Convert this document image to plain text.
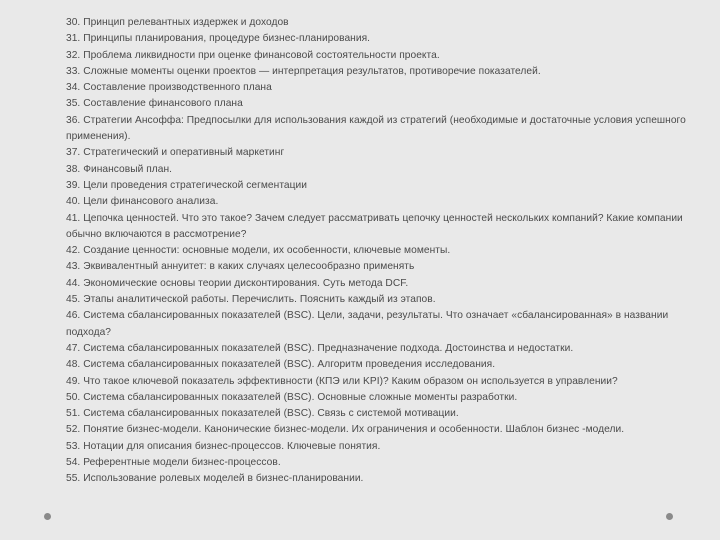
30. Принцип релевантных издержек и доходов
31. Принципы планирования, процедуре бизнес-планирования.
32. Проблема ликвидности при оценке финансовой состоятельности проекта.
33. Сложные моменты оценки проектов — интерпретация результатов, противоречие показателей.
34. Составление производственного плана
35. Составление финансового плана
36. Стратегии Ансоффа: Предпосылки для использования каждой из стратегий (необходимые и достаточные условия успешного применения).
37. Стратегический и оперативный маркетинг
38. Финансовый план.
39. Цели проведения стратегической сегментации
40. Цели финансового анализа.
41. Цепочка ценностей. Что это такое? Зачем следует рассматривать цепочку ценностей нескольких компаний? Какие компании обычно включаются в рассмотрение?
42. Создание ценности: основные модели, их особенности, ключевые моменты.
43. Эквивалентный аннуитет: в каких случаях целесообразно применять
44. Экономические основы теории дисконтирования. Суть метода DCF.
45. Этапы аналитической работы. Перечислить. Пояснить каждый из этапов.
46. Система сбалансированных показателей (BSC). Цели, задачи, результаты. Что означает «сбалансированная» в названии подхода?
47. Система сбалансированных показателей (BSC). Предназначение подхода. Достоинства и недостатки.
48. Система сбалансированных показателей (BSC). Алгоритм проведения исследования.
49. Что такое ключевой показатель эффективности (КПЭ или KPI)? Каким образом он используется в управлении?
50. Система сбалансированных показателей (BSC). Основные сложные моменты разработки.
51. Система сбалансированных показателей (BSC). Связь с системой мотивации.
52. Понятие бизнес-модели. Канонические бизнес-модели. Их ограничения и особенности. Шаблон бизнес -модели.
53. Нотации для описания бизнес-процессов. Ключевые понятия.
54. Референтные модели бизнес-процессов.
55. Использование ролевых моделей в бизнес-планировании.
